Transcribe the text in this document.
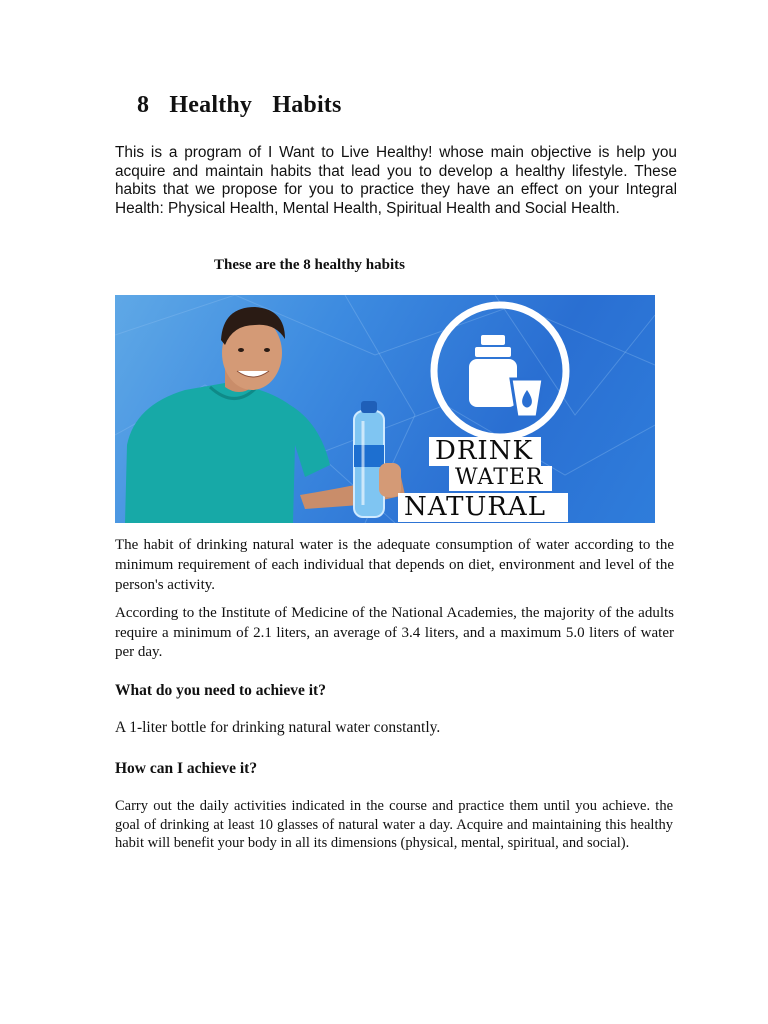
8 Healthy Habits

This is a program of I Want to Live Healthy! whose main objective is help you acquire and maintain habits that lead you to develop a healthy lifestyle. These habits that we propose for you to practice they have an effect on your Integral Health: Physical Health, Mental Health, Spiritual Health and Social Health.

These are the 8 healthy habits

DRINK
WATER
NATURAL

The habit of drinking natural water is the adequate consumption of water according to the minimum requirement of each individual that depends on diet, environment and level of the person's activity.

According to the Institute of Medicine of the National Academies, the majority of the adults require a minimum of 2.1 liters, an average of 3.4 liters, and a maximum 5.0 liters of water per day.

What do you need to achieve it?

A 1-liter bottle for drinking natural water constantly.

How can I achieve it?

Carry out the daily activities indicated in the course and practice them until you achieve. the goal of drinking at least 10 glasses of natural water a day. Acquire and maintaining this healthy habit will benefit your body in all its dimensions (physical, mental, spiritual, and social).
